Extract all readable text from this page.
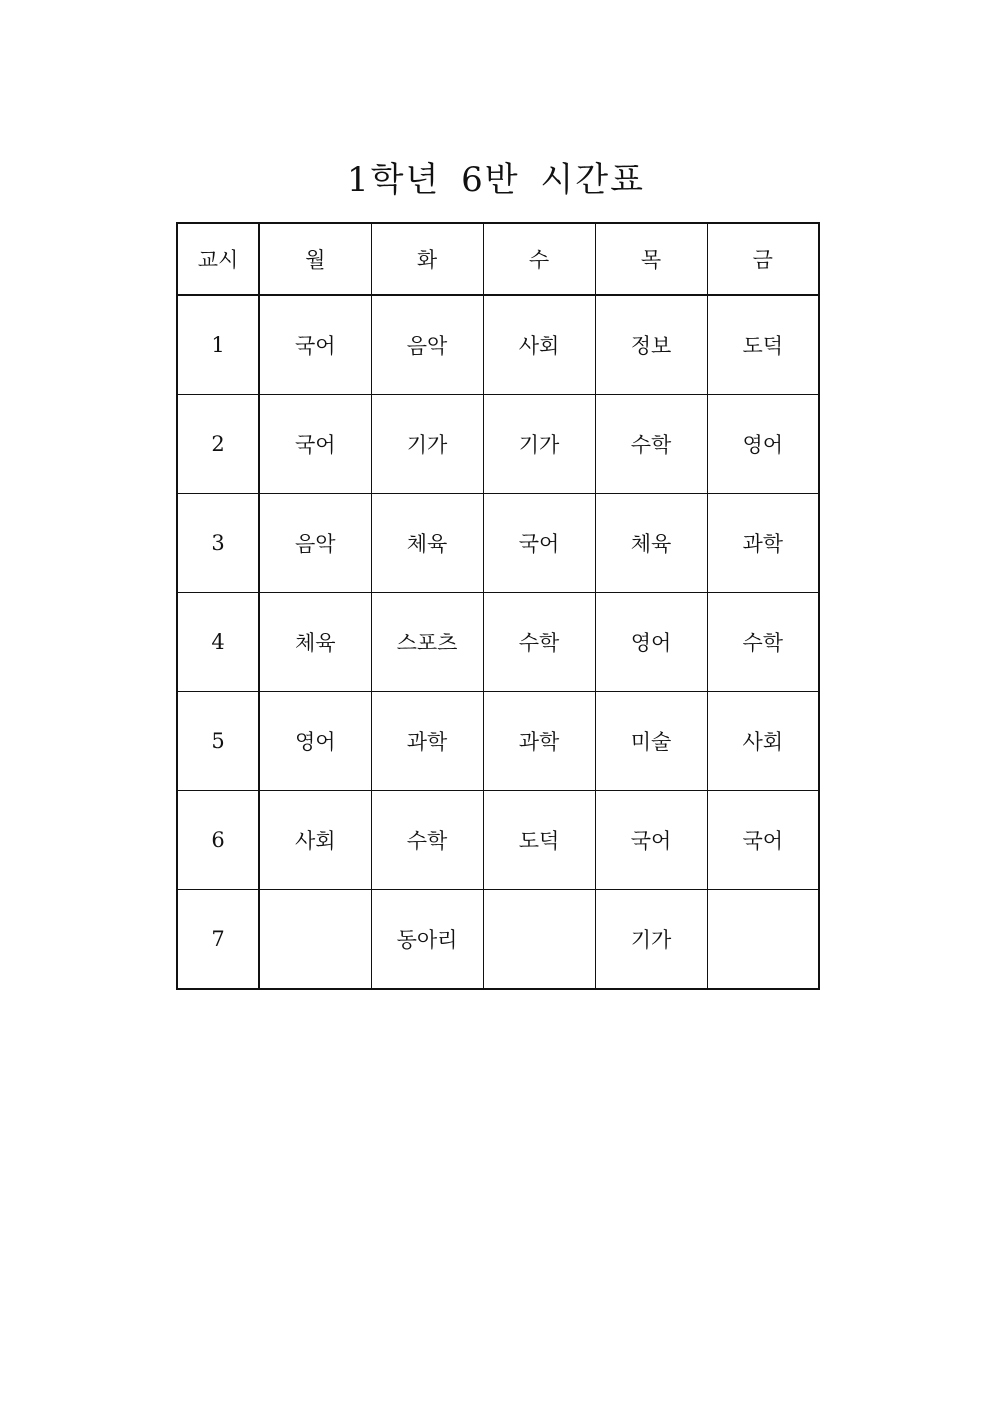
1학년 6반 시간표
교시	월	화	수	목	금
1	국어	음악	사회	정보	도덕
2	국어	기가	기가	수학	영어
3	음악	체육	국어	체육	과학
4	체육	스포츠	수학	영어	수학
5	영어	과학	과학	미술	사회
6	사회	수학	도덕	국어	국어
7		동아리		기가	
